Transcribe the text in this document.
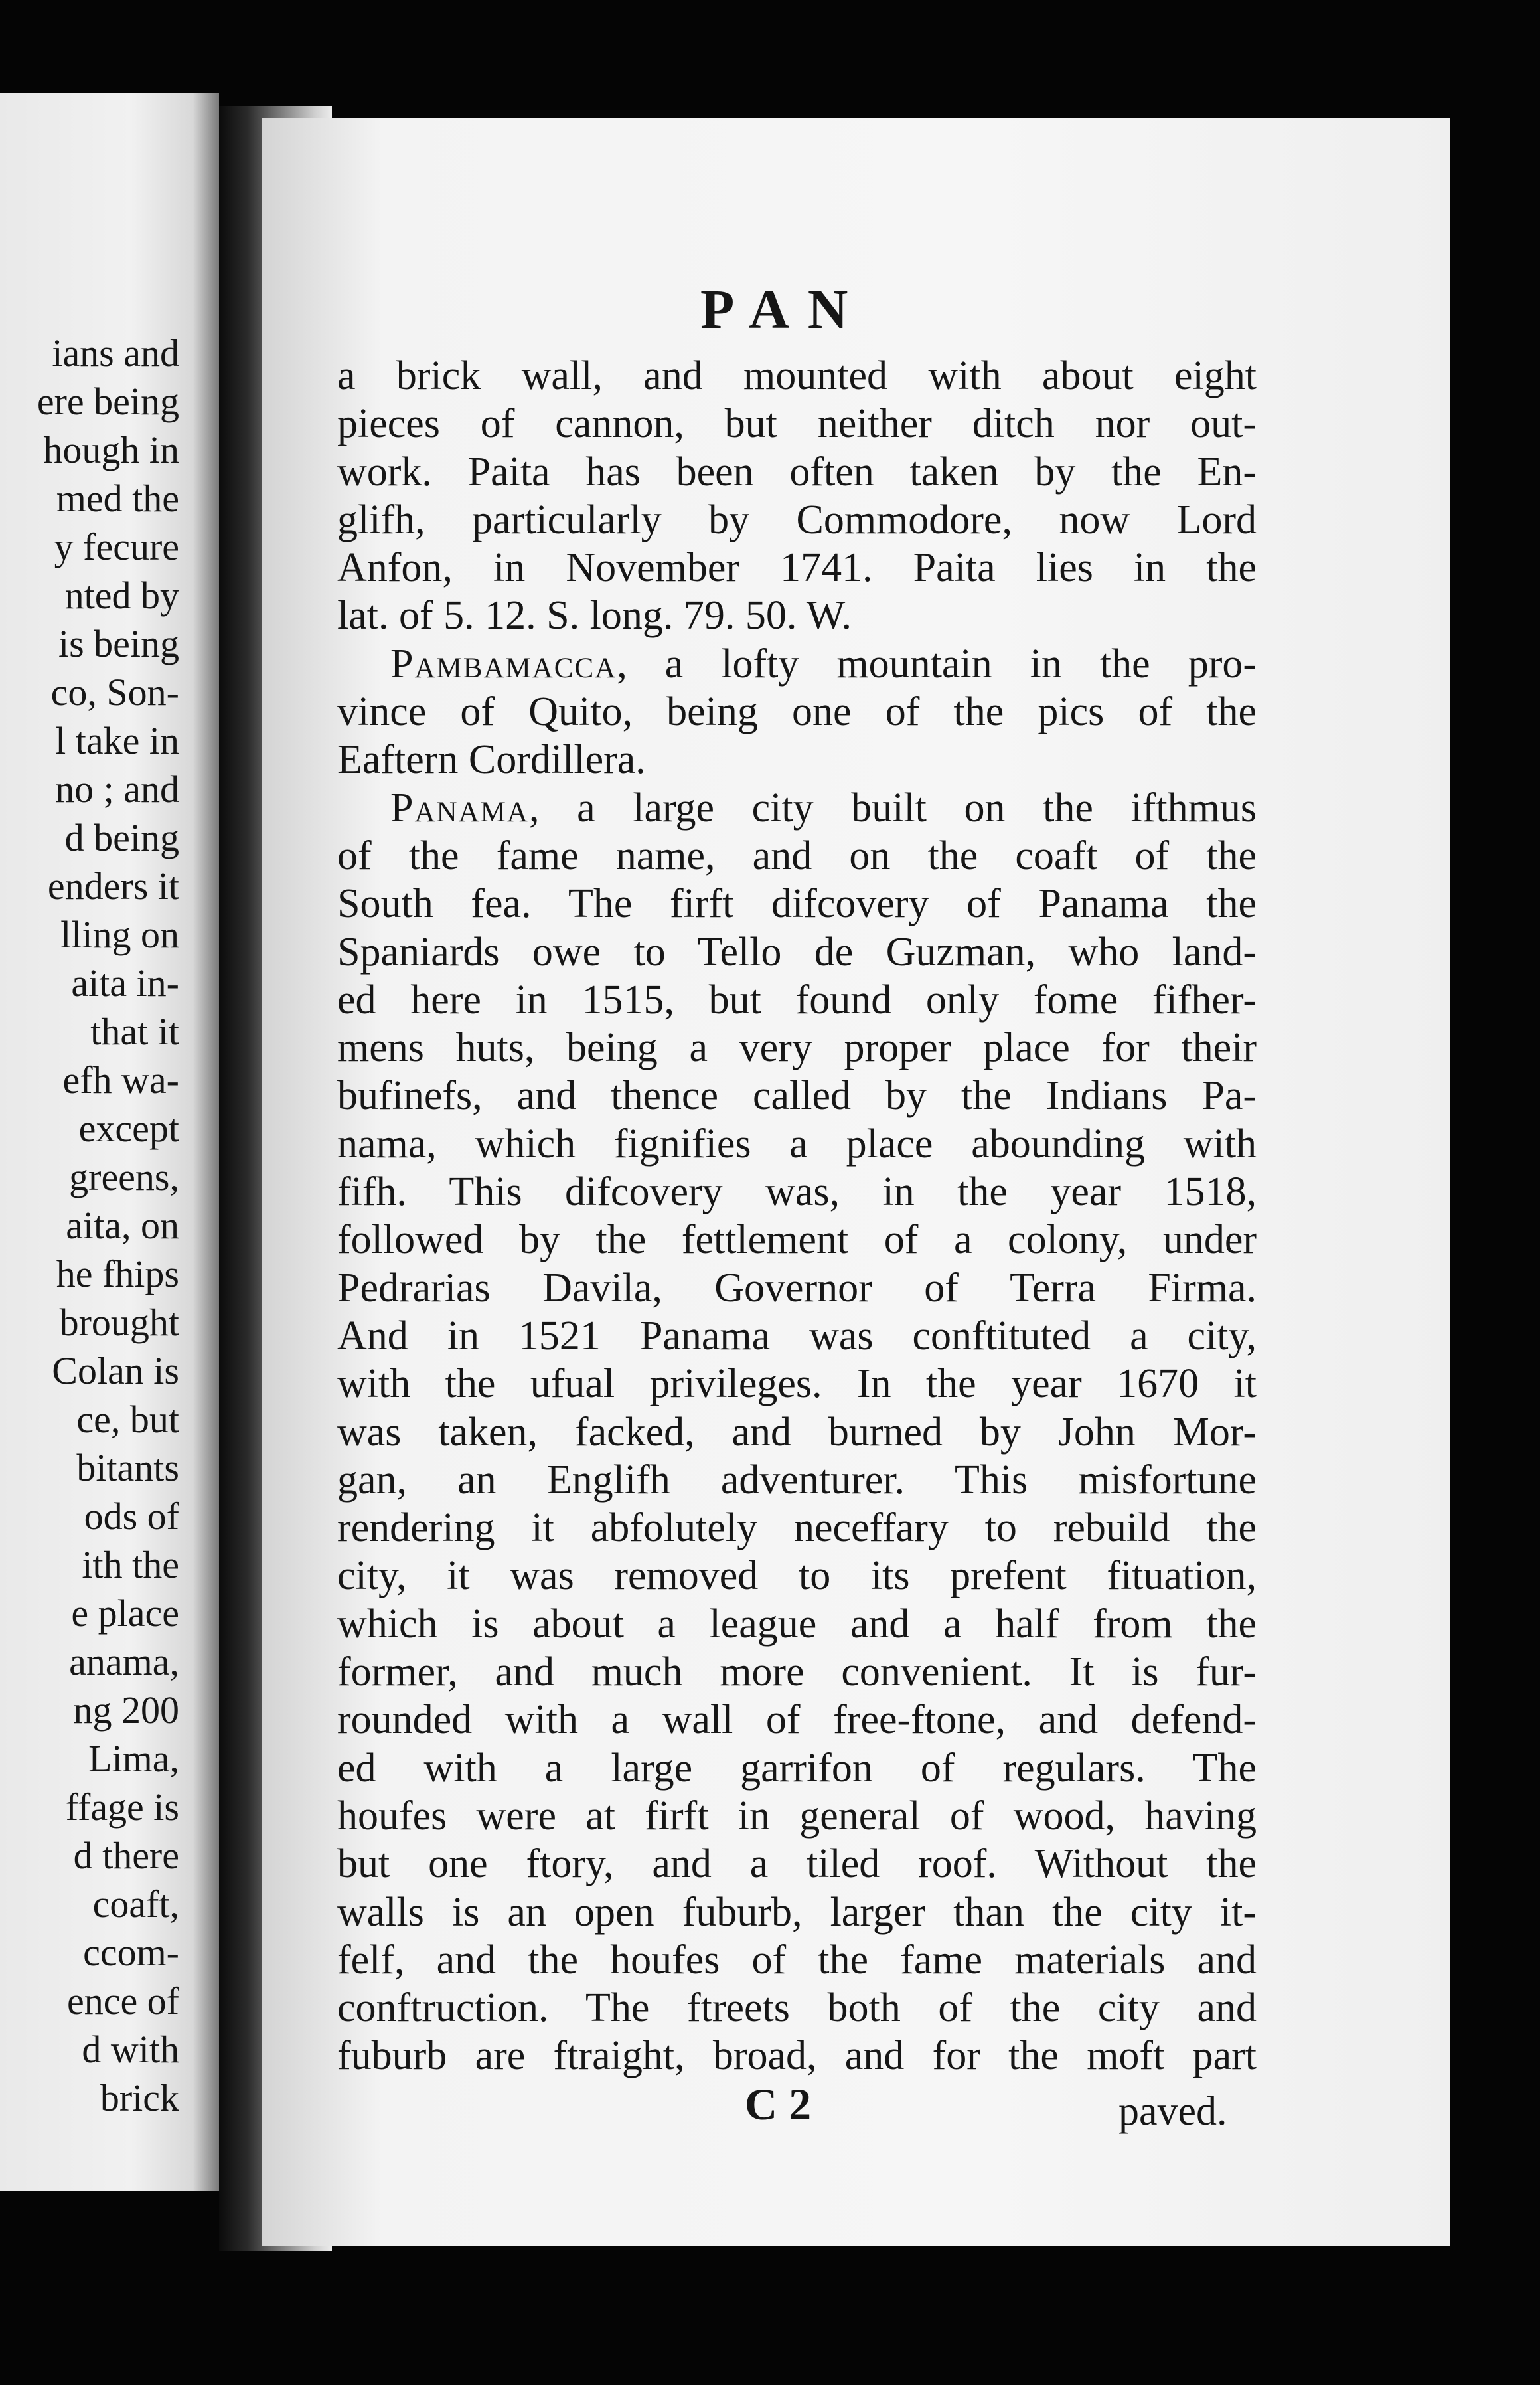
ians and
ere being
hough in
med the
y fecure
nted by
is being
co, Son-
l take in
no ; and
d being
enders it
lling on
aita in-
that it
efh wa-
except
greens,
aita, on
he fhips
brought
Colan is
ce, but
bitants
ods of
ith the
e place
anama,
ng 200
Lima,
ffage is
d there
coaft,
ccom-
ence of
d with
brick
PAN
a brick wall, and mounted with about eight
pieces of cannon, but neither ditch nor out-
work. Paita has been often taken by the En-
glifh, particularly by Commodore, now Lord
Anfon, in November 1741. Paita lies in the
lat. of 5. 12. S. long. 79. 50. W.
Pambamacca, a lofty mountain in the pro-
vince of Quito, being one of the pics of the
Eaftern Cordillera.
Panama, a large city built on the ifthmus
of the fame name, and on the coaft of the
South fea. The firft difcovery of Panama the
Spaniards owe to Tello de Guzman, who land-
ed here in 1515, but found only fome fifher-
mens huts, being a very proper place for their
bufinefs, and thence called by the Indians Pa-
nama, which fignifies a place abounding with
fifh. This difcovery was, in the year 1518,
followed by the fettlement of a colony, under
Pedrarias Davila, Governor of Terra Firma.
And in 1521 Panama was conftituted a city,
with the ufual privileges. In the year 1670 it
was taken, facked, and burned by John Mor-
gan, an Englifh adventurer. This misfortune
rendering it abfolutely neceffary to rebuild the
city, it was removed to its prefent fituation,
which is about a league and a half from the
former, and much more convenient. It is fur-
rounded with a wall of free-ftone, and defend-
ed with a large garrifon of regulars. The
houfes were at firft in general of wood, having
but one ftory, and a tiled roof. Without the
walls is an open fuburb, larger than the city it-
felf, and the houfes of the fame materials and
conftruction. The ftreets both of the city and
fuburb are ftraight, broad, and for the moft part
C 2	paved.
